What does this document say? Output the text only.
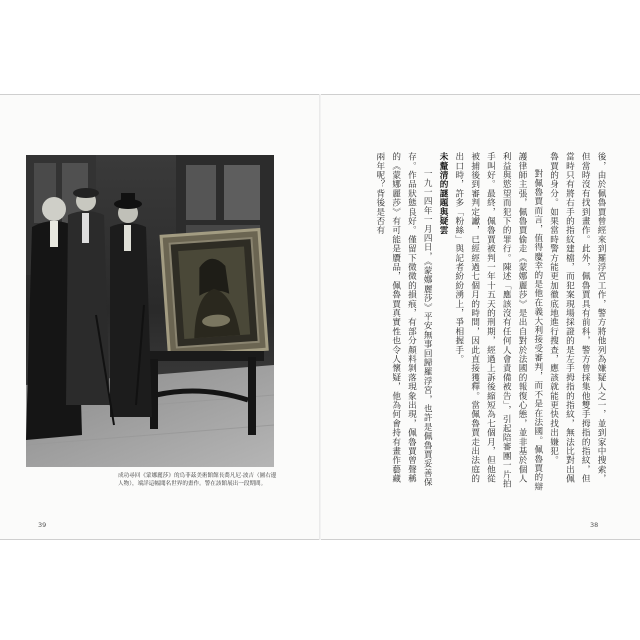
成功尋回《蒙娜麗莎》的烏菲茲美術館館長喬凡尼‧波吉（圖右邊人物），端詳這幅聞名世界的畫作。警在該館展出一段期間。
39	38

後，由於佩魯賈曾經來到羅浮宮工作，警方將他列為嫌疑人之一，並到家中搜索，但當時沒有找到畫作。此外，佩魯賈具有前科，警方曾採集他雙手拇指的指紋，但當時只有將右手的指紋建檔，而犯案現場採證的是左手拇指的指紋，無法比對出佩魯賈的身分。如果當時警方能更加徹底地進行搜查，應該就能更快找出嫌犯。

對佩魯賈而言，值得慶幸的是他在義大利接受審判，而不是在法國。佩魯賈的辯護律師主張，佩魯賈偷走《蒙娜麗莎》是出自對於法國的報復心態，並非基於個人利益與慾望而犯下的罪行。陳述「應該沒有任何人會責備被告」，引起陪審團一片拍手叫好。最終，佩魯賈被判一年十五天的刑期，經過上訴後縮短為七個月，但他從被捕後到審判定讞，已經經過七個月的時間，因此直接獲釋。當佩魯賈走出法庭的出口時，許多「粉絲」與記者紛紛湧上，爭相握手。

未釐清的謎題與疑雲

一九一四年一月四日，《蒙娜麗莎》平安無事回歸羅浮宮，也許是佩魯賈妥善保存。作品狀態良好。僅留下微微的損痕，有部分顏料剝落現象出現，佩魯賈曾聲稱的《蒙娜麗莎》有可能是贗品，佩魯賈真實性也令人懷疑，他為何會持有畫作藝藏兩年呢？背後是否有
